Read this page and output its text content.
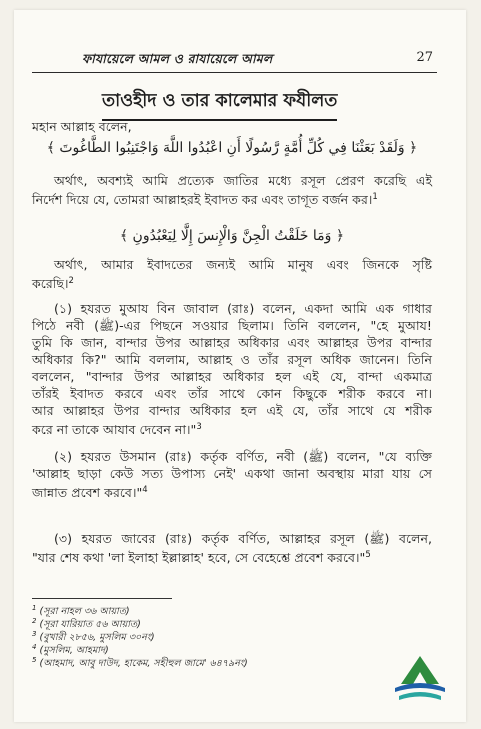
ফাযায়েলে আমল ও রাযায়েলে আমল	27
তাওহীদ ও তার কালেমার ফযীলত
মহান আল্লাহ বলেন,
﴿ وَلَقَدْ بَعَثْنَا فِي كُلِّ أُمَّةٍ رَّسُولًا أَنِ اعْبُدُوا اللَّهَ وَاجْتَنِبُوا الطَّاغُوتَ ﴾
অর্থাৎ, অবশ্যই আমি প্রত্যেক জাতির মধ্যে রসূল প্রেরণ করেছি এই
নির্দেশ দিয়ে যে, তোমরা আল্লাহরই ইবাদত কর এবং তাগূত বর্জন কর।$^1$
﴿ وَمَا خَلَقْتُ الْجِنَّ وَالْإِنسَ إِلَّا لِيَعْبُدُونِ ﴾
অর্থাৎ, আমার ইবাদতের জন্যই আমি মানুষ এবং জিনকে সৃষ্টি
করেছি।$^2$
(১) হযরত মুআয বিন জাবাল (রাঃ) বলেন, একদা আমি এক গাধার
পিঠে নবী (ﷺ)-এর পিছনে সওয়ার ছিলাম। তিনি বললেন, "হে মুআয!
তুমি কি জান, বান্দার উপর আল্লাহর অধিকার এবং আল্লাহর উপর বান্দার
অধিকার কি?" আমি বললাম, আল্লাহ ও তাঁর রসূল অধিক জানেন। তিনি
বললেন, "বান্দার উপর আল্লাহর অধিকার হল এই যে, বান্দা একমাত্র
তাঁরই ইবাদত করবে এবং তাঁর সাথে কোন কিছুকে শরীক করবে না।
আর আল্লাহর উপর বান্দার অধিকার হল এই যে, তাঁর সাথে যে শরীক
করে না তাকে আযাব দেবেন না।"$^3$
(২) হযরত উসমান (রাঃ) কর্তৃক বর্ণিত, নবী (ﷺ) বলেন, "যে ব্যক্তি
'আল্লাহ ছাড়া কেউ সত্য উপাস্য নেই' একথা জানা অবস্থায় মারা যায় সে
জান্নাত প্রবেশ করবে।"$^4$
(৩) হযরত জাবের (রাঃ) কর্তৃক বর্ণিত, আল্লাহর রসূল (ﷺ) বলেন,
"যার শেষ কথা 'লা ইলাহা ইল্লাল্লাহ' হবে, সে বেহেশ্তে প্রবেশ করবে।"$^5$
$^1$ (সূরা নাহল ৩৬ আয়াত)
$^2$ (সূরা যারিয়াত ৫৬ আয়াত)
$^3$ (বুখারী ২৮৫৬, মুসলিম ৩০নং)
$^4$ (মুসলিম, আহমাদ)
$^5$ (আহমাদ, আবু দাউদ, হাকেম, সহীহুল জামে' ৬৪৭৯নং)
